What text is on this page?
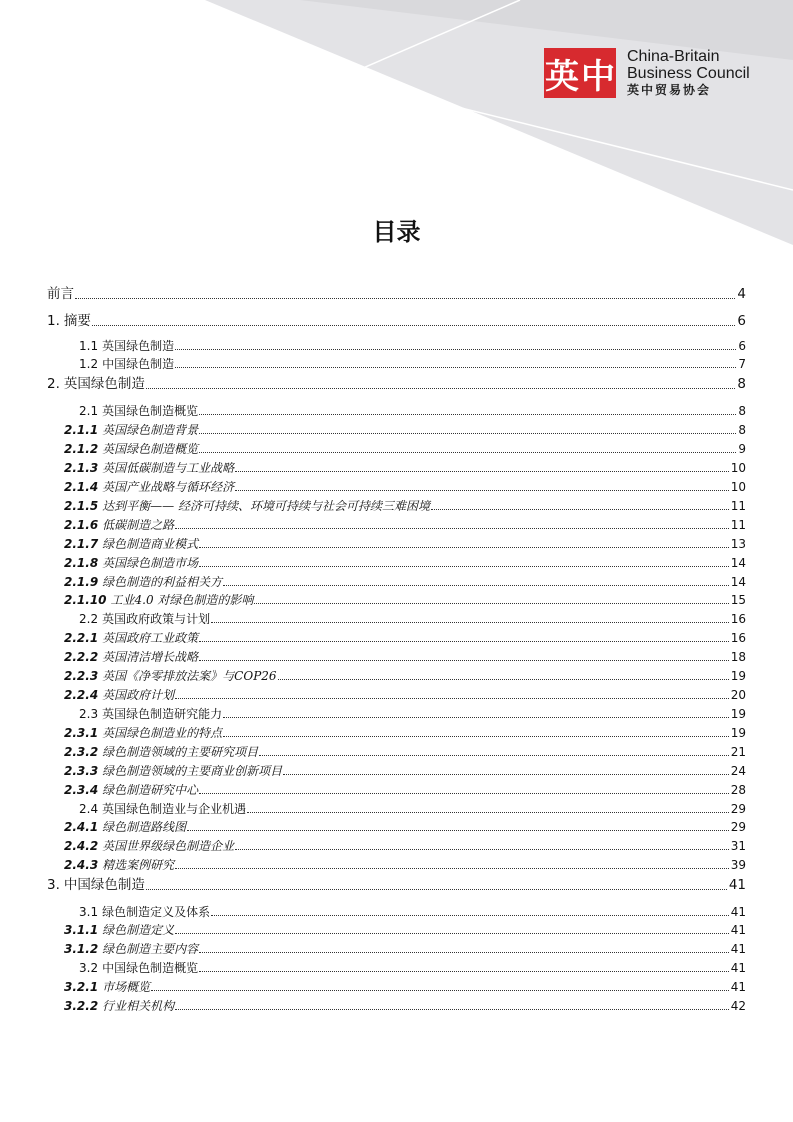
英 中
China-Britain
Business Council
英中贸易协会
目录
前言	4
1. 摘要	6
1.1 英国绿色制造	6
1.2 中国绿色制造	7
2. 英国绿色制造	8
2.1 英国绿色制造概览	8
2.1.1 英国绿色制造背景	8
2.1.2 英国绿色制造概览	9
2.1.3 英国低碳制造与工业战略	10
2.1.4 英国产业战略与循环经济	10
2.1.5 达到平衡—— 经济可持续、环境可持续与社会可持续三难困境	11
2.1.6 低碳制造之路	11
2.1.7 绿色制造商业模式	13
2.1.8 英国绿色制造市场	14
2.1.9 绿色制造的利益相关方	14
2.1.10 工业4.0 对绿色制造的影响	15
2.2 英国政府政策与计划	16
2.2.1 英国政府工业政策	16
2.2.2 英国清洁增长战略	18
2.2.3 英国《净零排放法案》与COP26	19
2.2.4 英国政府计划	20
2.3 英国绿色制造研究能力	19
2.3.1 英国绿色制造业的特点	19
2.3.2 绿色制造领域的主要研究项目	21
2.3.3 绿色制造领域的主要商业创新项目	24
2.3.4 绿色制造研究中心	28
2.4 英国绿色制造业与企业机遇	29
2.4.1 绿色制造路线图	29
2.4.2 英国世界级绿色制造企业	31
2.4.3 精选案例研究	39
3. 中国绿色制造	41
3.1 绿色制造定义及体系	41
3.1.1 绿色制造定义	41
3.1.2 绿色制造主要内容	41
3.2 中国绿色制造概览	41
3.2.1 市场概览	41
3.2.2 行业相关机构	42
